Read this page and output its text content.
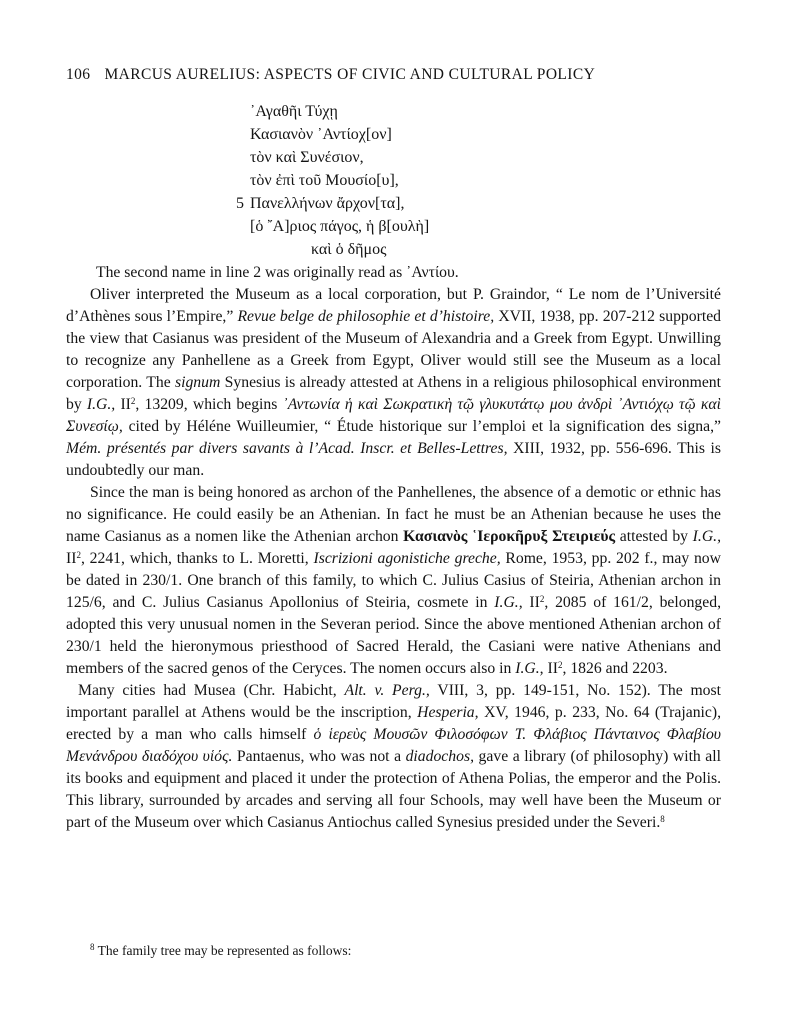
106 MARCUS AURELIUS: ASPECTS OF CIVIC AND CULTURAL POLICY
᾿Αγαθῆι Τύχῃ
Κασιανὸν ᾿Αντίοχ[ον]
τὸν καὶ Συνέσιον,
τὸν ἐπὶ τοῦ Μουσίο[υ],
5 Πανελλήνων ἄρχον[τα],
[ὁ ῎Α]ριος πάγος, ἡ β[ουλὴ]
καὶ ὁ δῆμος

The second name in line 2 was originally read as ᾿Αντίου.

Oliver interpreted the Museum as a local corporation, but P. Graindor, “ Le nom de l’Université d’Athènes sous l’Empire,” Revue belge de philosophie et d’histoire, XVII, 1938, pp. 207-212 supported the view that Casianus was president of the Museum of Alexandria and a Greek from Egypt. Unwilling to recognize any Panhellene as a Greek from Egypt, Oliver would still see the Museum as a local corporation. The signum Synesius is already attested at Athens in a religious philosophical environment by I.G., $II^2$, 13209, which begins ᾿Αντωνία ἡ καὶ Σωκρατικὴ τῷ γλυκυτάτῳ μου ἀνδρὶ ᾿Αντιόχῳ τῷ καὶ Συνεσίῳ, cited by Héléne Wuilleumier, “ Étude historique sur l’emploi et la signification des signa,” Mém. présentés par divers savants à l’Acad. Inscr. et Belles-Lettres, XIII, 1932, pp. 556-696. This is undoubtedly our man.

Since the man is being honored as archon of the Panhellenes, the absence of a demotic or ethnic has no significance. He could easily be an Athenian. In fact he must be an Athenian because he uses the name Casianus as a nomen like the Athenian archon Κασιανὸς ῾Ιεροκῆρυξ Στειριεύς attested by I.G., $II^2$, 2241, which, thanks to L. Moretti, Iscrizioni agonistiche greche, Rome, 1953, pp. 202 f., may now be dated in 230/1. One branch of this family, to which C. Julius Casius of Steiria, Athenian archon in 125/6, and C. Julius Casianus Apollonius of Steiria, cosmete in I.G., $II^2$, 2085 of 161/2, belonged, adopted this very unusual nomen in the Severan period. Since the above mentioned Athenian archon of 230/1 held the hieronymous priesthood of Sacred Herald, the Casiani were native Athenians and members of the sacred genos of the Ceryces. The nomen occurs also in I.G., $II^2$, 1826 and 2203.

Many cities had Musea (Chr. Habicht, Alt. v. Perg., VIII, 3, pp. 149-151, No. 152). The most important parallel at Athens would be the inscription, Hesperia, XV, 1946, p. 233, No. 64 (Trajanic), erected by a man who calls himself ὁ ἱερεὺς Μουσῶν Φιλοσόφων Τ. Φλάβιος Πάνταινος Φλαβίου Μενάνδρου διαδόχου υἱός. Pantaenus, who was not a diadochos, gave a library (of philosophy) with all its books and equipment and placed it under the protection of Athena Polias, the emperor and the Polis. This library, surrounded by arcades and serving all four Schools, may well have been the Museum or part of the Museum over which Casianus Antiochus called Synesius presided under the Severi.$^8$

$^8$ The family tree may be represented as follows:
